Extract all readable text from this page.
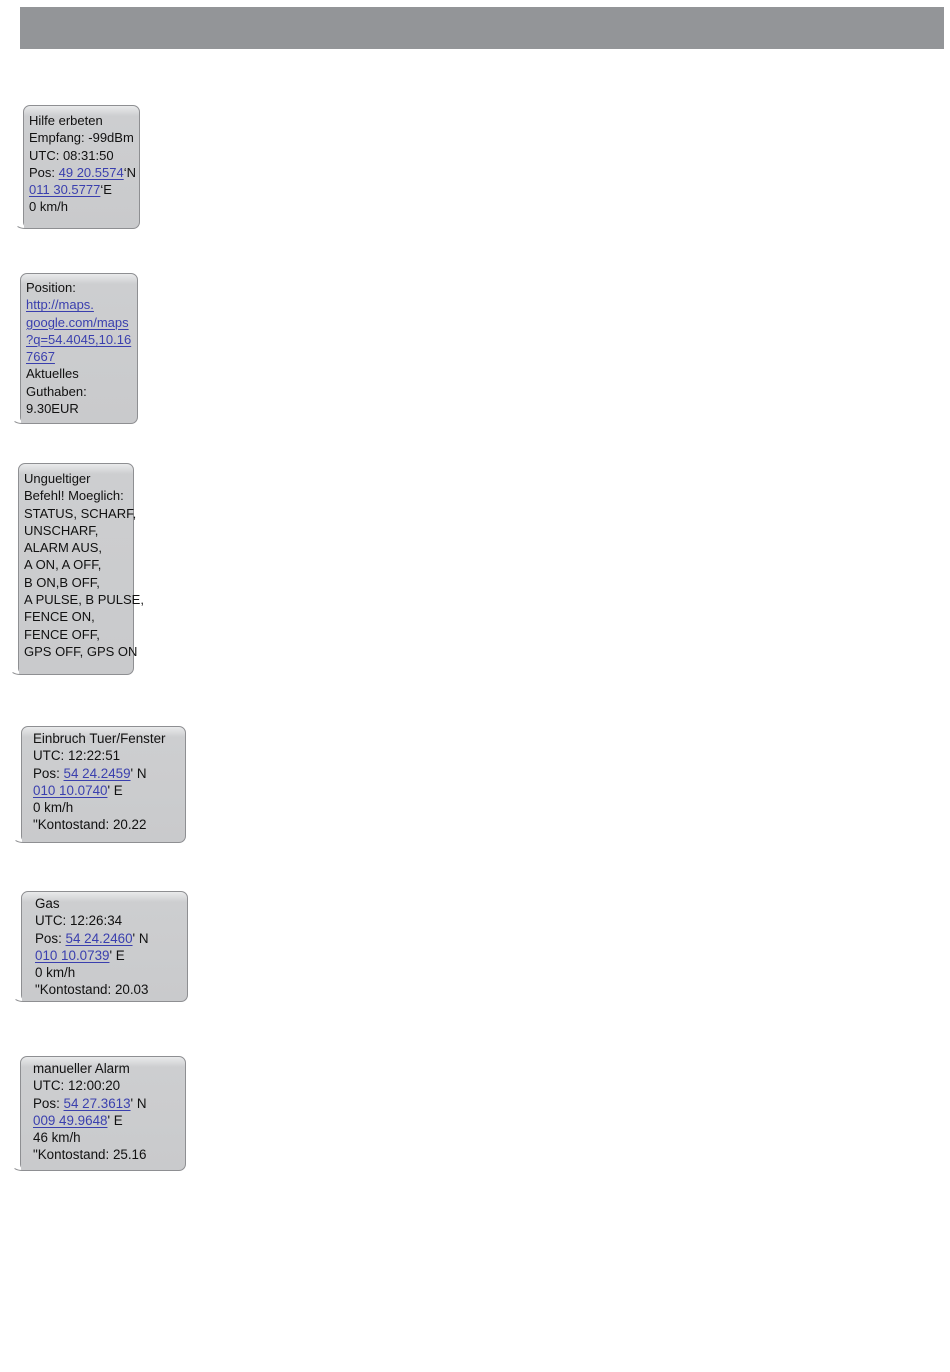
Hilfe erbeten
Empfang: -99dBm
UTC: 08:31:50
Pos: 49 20.5574‘N
011 30.5777‘E
0 km/h
Position:
http://maps.
google.com/maps
?q=54.4045,10.16
7667
Aktuelles
Guthaben:
9.30EUR
Ungueltiger
Befehl! Moeglich:
STATUS, SCHARF,
UNSCHARF,
ALARM AUS,
A ON, A OFF,
B ON,B OFF,
A PULSE, B PULSE,
FENCE ON,
FENCE OFF,
GPS OFF, GPS ON
Einbruch Tuer/Fenster
UTC: 12:22:51
Pos: 54 24.2459' N
010 10.0740' E
0 km/h
"Kontostand: 20.22
Gas
UTC: 12:26:34
Pos: 54 24.2460' N
010 10.0739' E
0 km/h
"Kontostand: 20.03
manueller Alarm
UTC: 12:00:20
Pos: 54 27.3613' N
009 49.9648' E
46 km/h
"Kontostand: 25.16
